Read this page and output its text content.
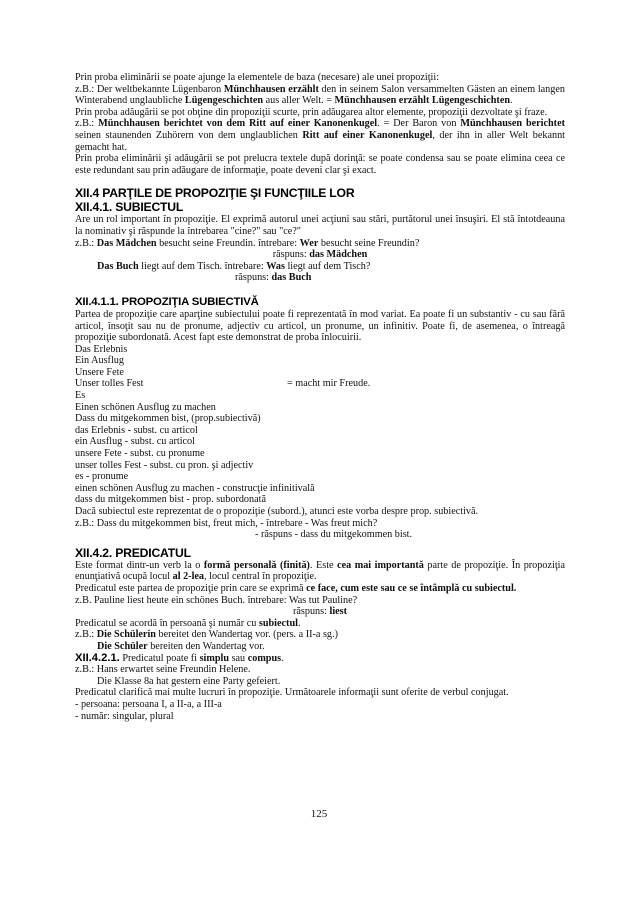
Prin proba eliminării se poate ajunge la elementele de baza (necesare) ale unei propoziţii:

z.B.: Der weltbekannte Lügenbaron Münchhausen erzählt den in seinem Salon versammelten Gästen an einem langen Winterabend unglaubliche Lügengeschichten aus aller Welt. = Münchhausen erzählt Lügengeschichten.

Prin proba adăugării se pot obţine din propoziţii scurte, prin adăugarea altor elemente, propoziţii dezvoltate şi fraze.

z.B.: Münchhausen berichtet von dem Ritt auf einer Kanonenkugel. = Der Baron von Münchhausen berichtet seinen staunenden Zuhörern von dem unglaublichen Ritt auf einer Kanonenkugel, der ihn in aller Welt bekannt gemacht hat.

Prin proba eliminării şi adăugării se pot prelucra textele după dorinţă: se poate condensa sau se poate elimina ceea ce este redundant sau prin adăugare de informaţie, poate deveni clar şi exact.

XII.4 PARŢILE DE PROPOZIŢIE ŞI FUNCŢIILE LOR
XII.4.1. SUBIECTUL

Are un rol important în propoziţie. El exprimă autorul unei acţiuni sau stări, purtătorul unei însuşiri. El stă întotdeauna la nominativ şi răspunde la întrebarea "cine?" sau "ce?"

z.B.: Das Mädchen besucht seine Freundin. întrebare: Wer besucht seine Freundin?

răspuns: das Mädchen

Das Buch liegt auf dem Tisch. întrebare: Was liegt auf dem Tisch?

răspuns: das Buch

XII.4.1.1. PROPOZIŢIA SUBIECTIVĂ

Partea de propoziţie care aparţine subiectului poate fi reprezentată în mod variat. Ea poate fi un substantiv - cu sau fără articol, însoţit sau nu de pronume, adjectiv cu articol, un pronume, un infinitiv. Poate fi, de asemenea, o întreagă propoziţie subordonată. Acest fapt este demonstrat de proba înlocuirii.

Das Erlebnis

Ein Ausflug

Unsere Fete

Unser tolles Fest	= macht mir Freude.

Es

Einen schönen Ausflug zu machen

Dass du mitgekommen bist, (prop.subiectivă)

das Erlebnis - subst. cu articol

ein Ausflug - subst. cu articol

unsere Fete - subst. cu pronume

unser tolles Fest - subst. cu pron. şi adjectiv

es - pronume

einen schönen Ausflug zu machen - construcţie infinitivală

dass du mitgekommen bist - prop. subordonată

Dacă subiectul este reprezentat de o propoziţie (subord.), atunci este vorba despre prop. subiectivă.

z.B.: Dass du mitgekommen bist, freut mich, - întrebare - Was freut mich?

- răspuns - dass du mitgekommen bist.

XII.4.2. PREDICATUL

Este format dintr-un verb la o formă personală (finită). Este cea mai importantă parte de propoziţie. În propoziţia enunţiativă ocupă locul al 2-lea, locul central în propoziţie.

Predicatul este partea de propoziţie prin care se exprimă ce face, cum este sau ce se întâmplă cu subiectul.

z.B. Pauline liest heute ein schönes Buch. întrebare: Was tut Pauline?

răspuns: liest

Predicatul se acordă în persoană şi număr cu subiectul.

z.B.: Die Schülerin bereitet den Wandertag vor. (pers. a II-a sg.)

Die Schüler bereiten den Wandertag vor.

XII.4.2.1. Predicatul poate fi simplu sau compus.

z.B.: Hans erwartet seine Freundin Helene.

Die Klasse 8a hat gestern eine Party gefeiert.

Predicatul clarifică mai multe lucruri în propoziţie. Următoarele informaţii sunt oferite de verbul conjugat.

- persoana: persoana I, a II-a, a III-a

- număr: singular, plural

125
